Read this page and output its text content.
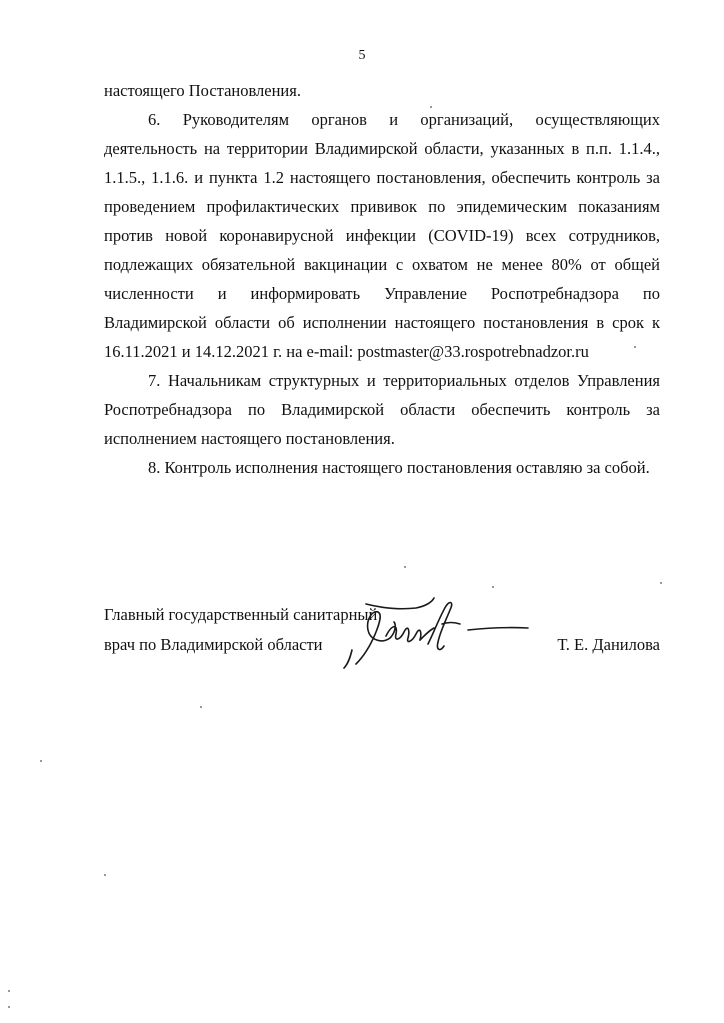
5

настоящего Постановления.

6. Руководителям органов и организаций, осуществляющих деятельность на территории Владимирской области, указанных в п.п. 1.1.4., 1.1.5., 1.1.6. и пункта 1.2 настоящего постановления, обеспечить контроль за проведением профилактических прививок по эпидемическим показаниям против новой коронавирусной инфекции (COVID-19) всех сотрудников, подлежащих обязательной вакцинации с охватом не менее 80% от общей численности и информировать Управление Роспотребнадзора по Владимирской области об исполнении настоящего постановления в срок к 16.11.2021 и 14.12.2021 г. на e-mail: postmaster@33.rospotrebnadzor.ru

7. Начальникам структурных и территориальных отделов Управления Роспотребнадзора по Владимирской области обеспечить контроль за исполнением настоящего постановления.

8. Контроль исполнения настоящего постановления оставляю за собой.

Главный государственный санитарный
врач по Владимирской области	Т. Е. Данилова
